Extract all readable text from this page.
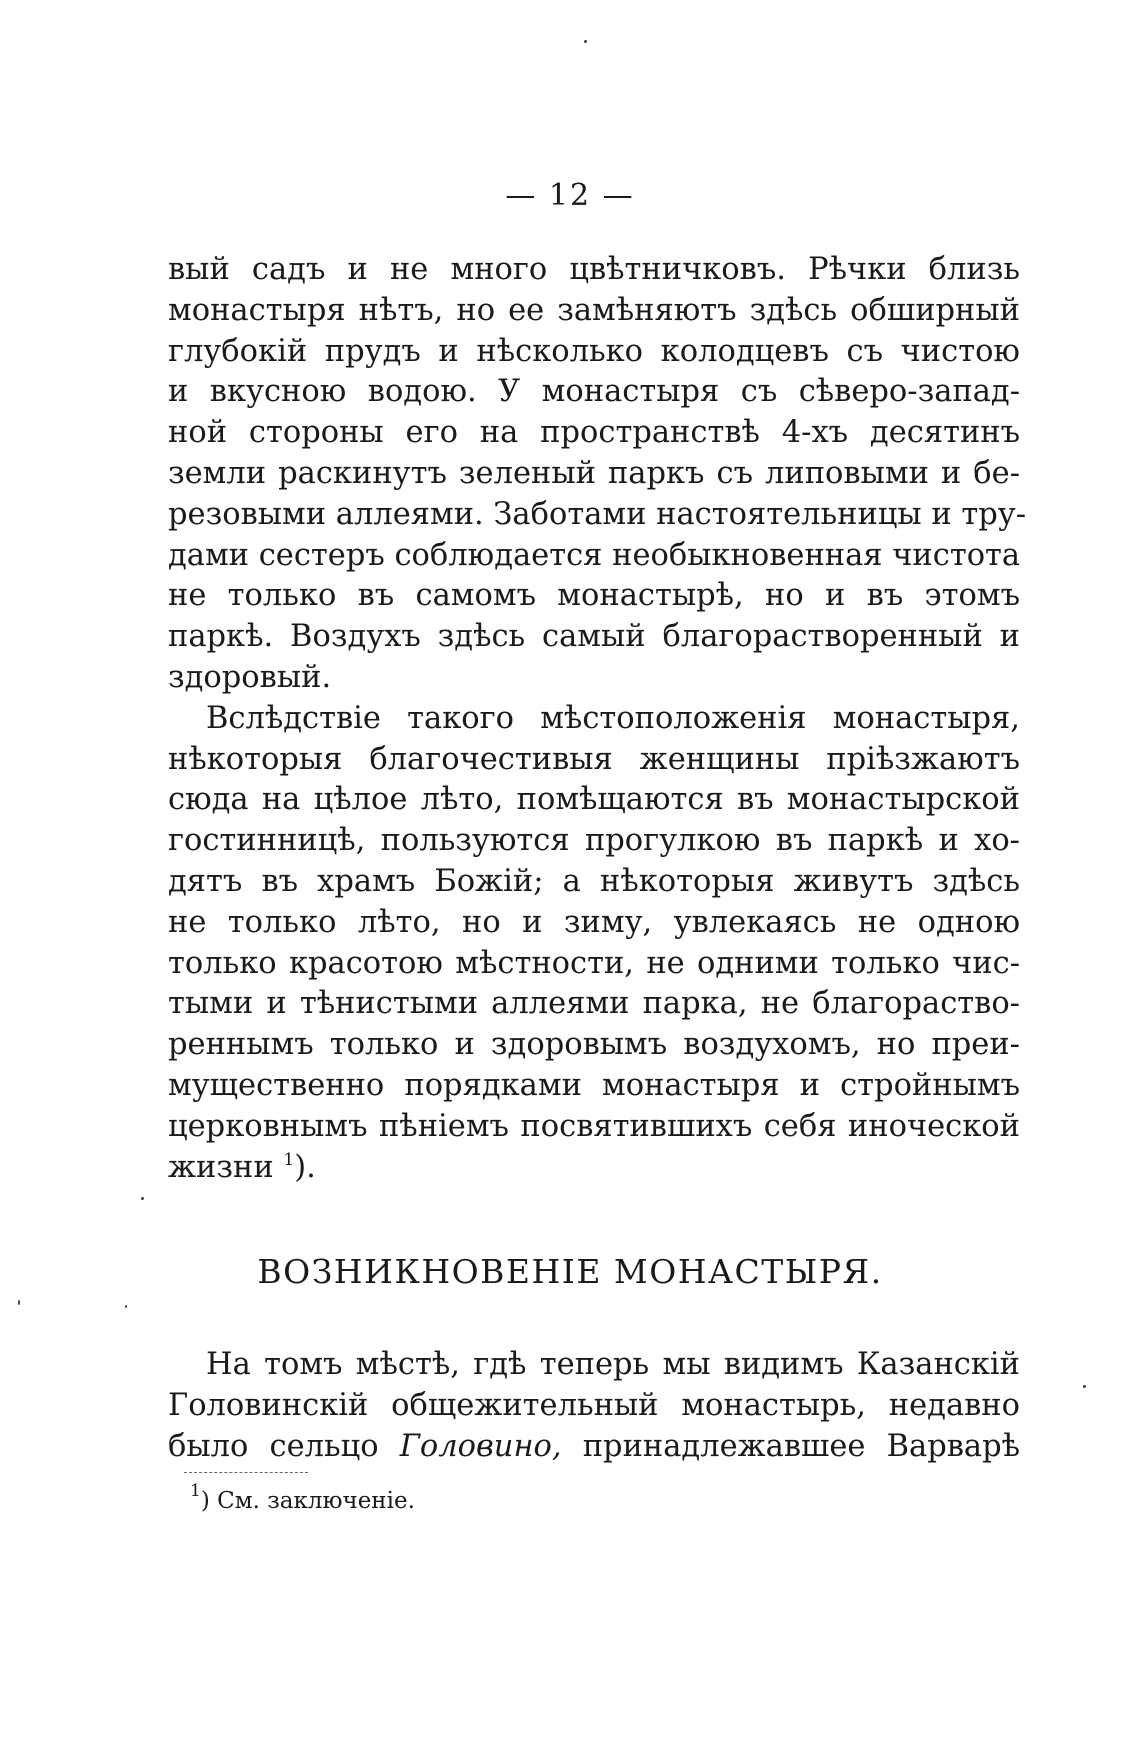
— 12 —
вый садъ и не много цвѣтничковъ. Рѣчки близь
монастыря нѣтъ, но ее замѣняютъ здѣсь обширный
глубокій прудъ и нѣсколько колодцевъ съ чистою
и вкусною водою. У монастыря съ сѣверо-запад-
ной стороны его на пространствѣ 4-хъ десятинъ
земли раскинутъ зеленый паркъ съ липовыми и бе-
резовыми аллеями. Заботами настоятельницы и тру-
дами сестеръ соблюдается необыкновенная чистота
не только въ самомъ монастырѣ, но и въ этомъ
паркѣ. Воздухъ здѣсь самый благорастворенный и
здоровый.
Вслѣдствіе такого мѣстоположенія монастыря,
нѣкоторыя благочестивыя женщины пріѣзжаютъ
сюда на цѣлое лѣто, помѣщаются въ монастырской
гостинницѣ, пользуются прогулкою въ паркѣ и хо-
дятъ въ храмъ Божій; а нѣкоторыя живутъ здѣсь
не только лѣто, но и зиму, увлекаясь не одною
только красотою мѣстности, не одними только чис-
тыми и тѣнистыми аллеями парка, не благораство-
реннымъ только и здоровымъ воздухомъ, но преи-
мущественно порядками монастыря и стройнымъ
церковнымъ пѣніемъ посвятившихъ себя иноческой
жизни $^1$).
ВОЗНИКНОВЕНІЕ МОНАСТЫРЯ.
На томъ мѣстѣ, гдѣ теперь мы видимъ Казанскій
Головинскій общежительный монастырь, недавно
было сельцо Головино, принадлежавшее Варварѣ
$^1$) См. заключеніе.
